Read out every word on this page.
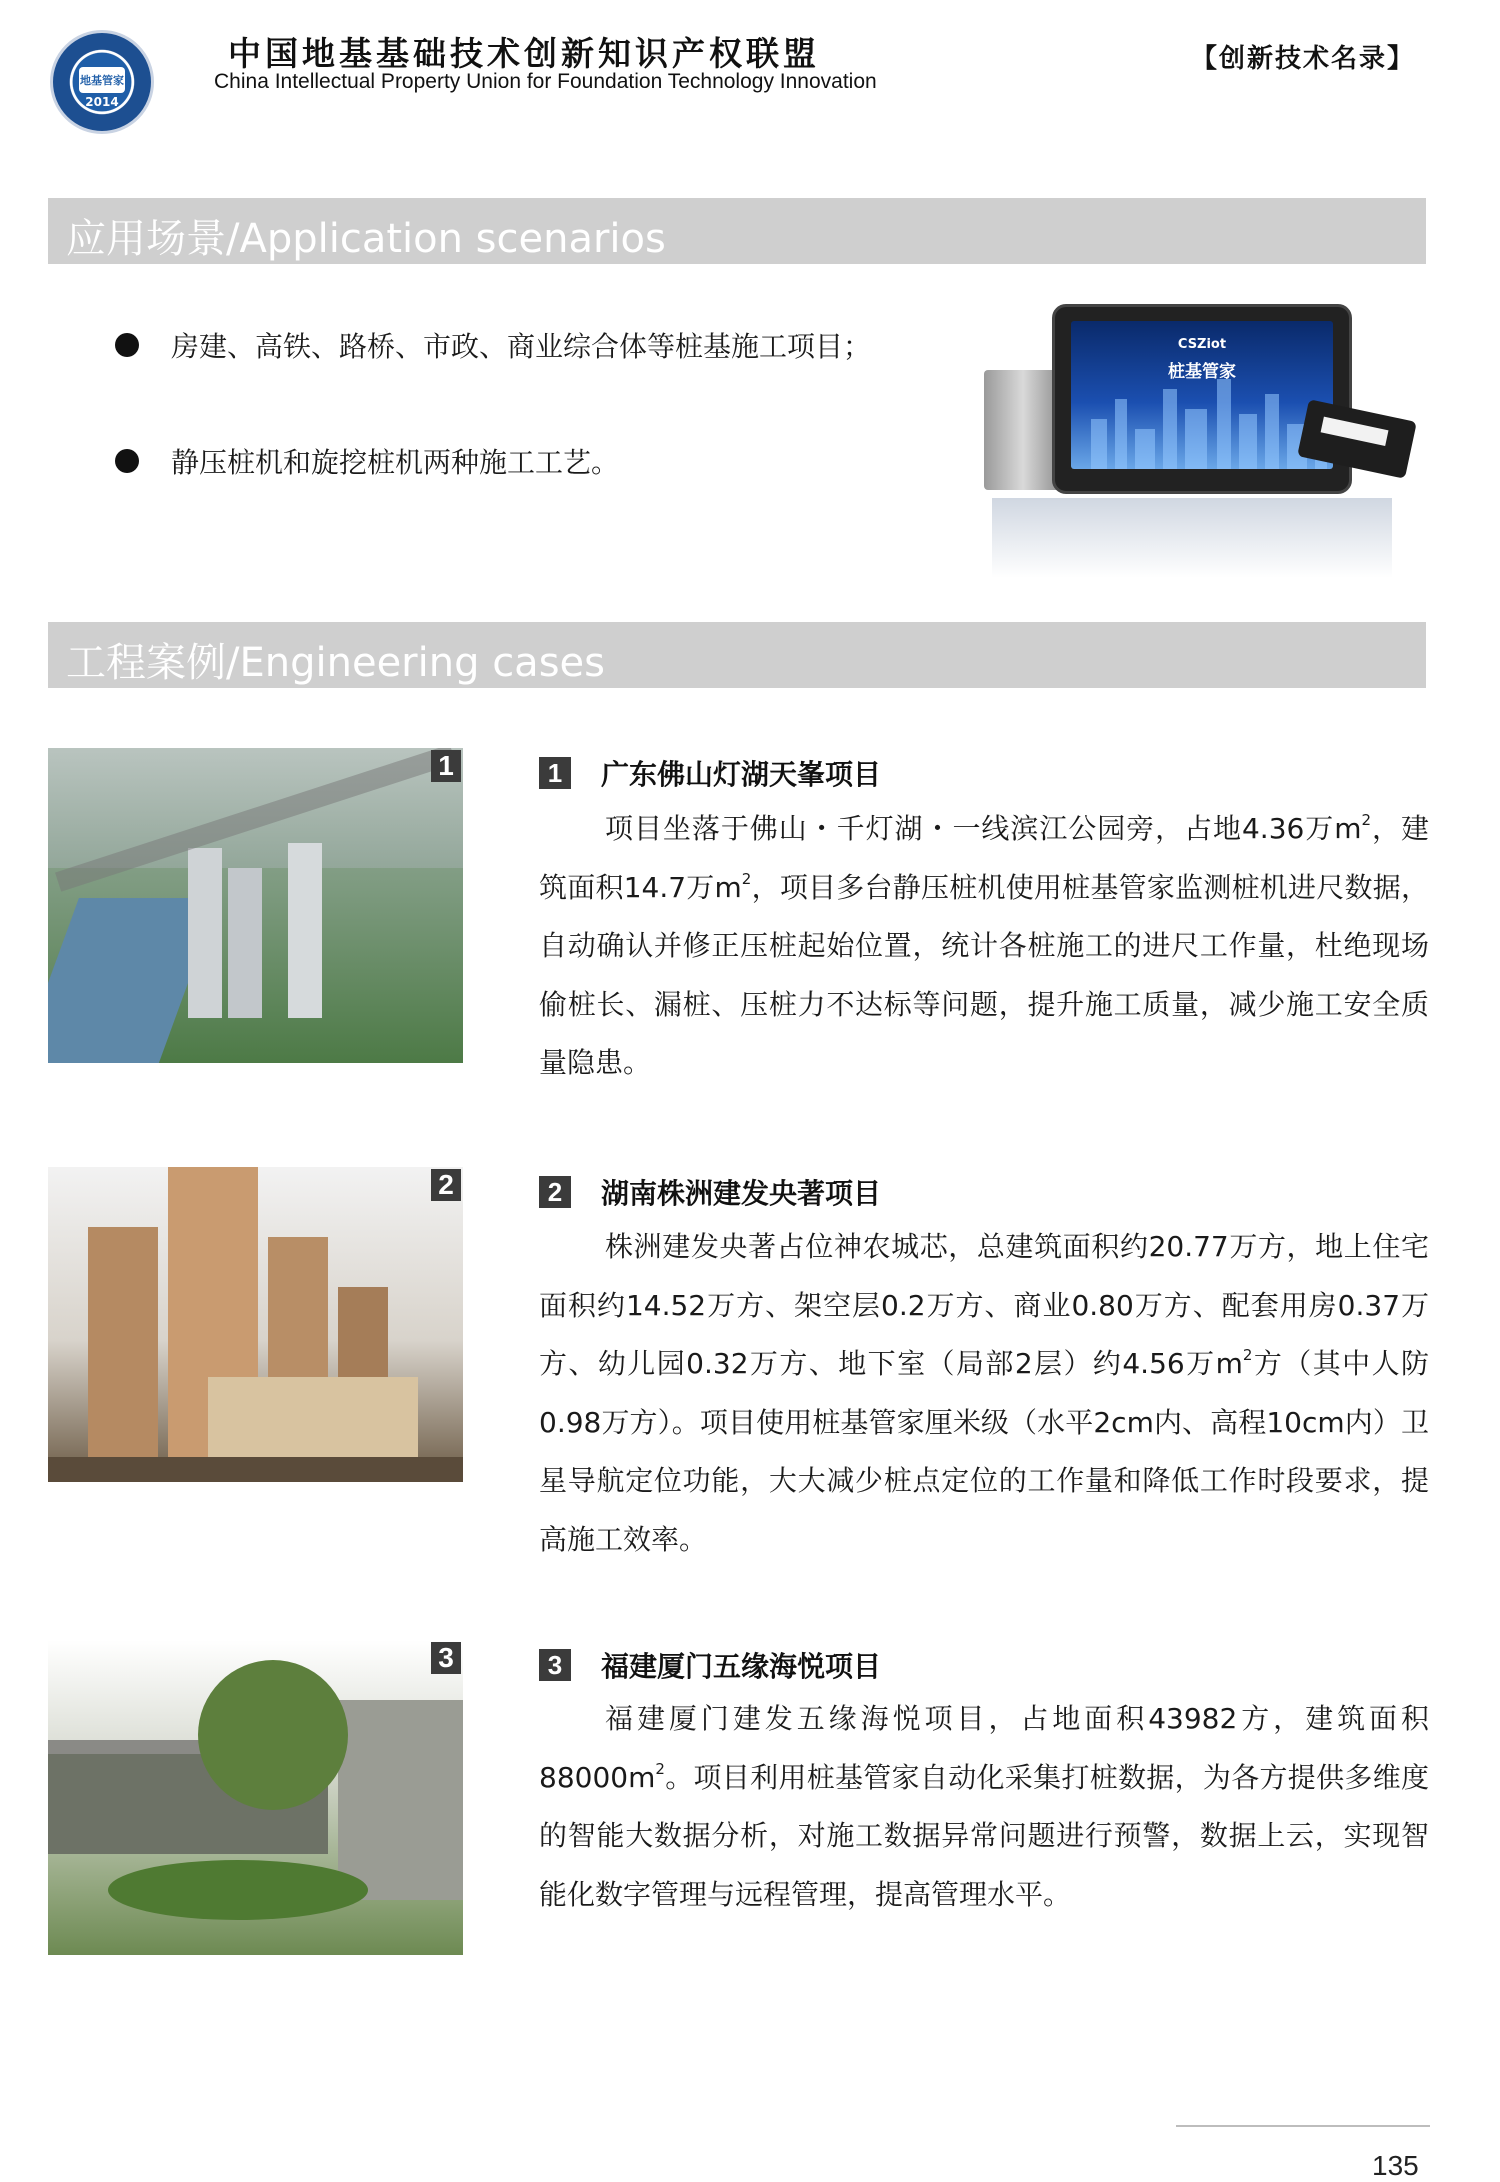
地基管家
2014
中国地基基础技术创新知识产权联盟
China Intellectual Property Union for Foundation Technology Innovation
【创新技术名录】
应用场景/Application scenarios
房建、高铁、路桥、市政、商业综合体等桩基施工项目；
静压桩机和旋挖桩机两种施工工艺。
CSZiot
桩基管家
工程案例/Engineering cases
1	1	广东佛山灯湖天峯项目
项目坐落于佛山・千灯湖・一线滨江公园旁，占地4.36万$m^2$，建筑面积14.7万$m^2$，项目多台静压桩机使用桩基管家监测桩机进尺数据，自动确认并修正压桩起始位置，统计各桩施工的进尺工作量，杜绝现场偷桩长、漏桩、压桩力不达标等问题，提升施工质量，减少施工安全质量隐患。
2	2	湖南株洲建发央著项目
株洲建发央著占位神农城芯，总建筑面积约20.77万方，地上住宅面积约14.52万方、架空层0.2万方、商业0.80万方、配套用房0.37万方、幼儿园0.32万方、地下室（局部2层）约4.56万$m^2$方（其中人防0.98万方）。项目使用桩基管家厘米级（水平2cm内、高程10cm内）卫星导航定位功能，大大减少桩点定位的工作量和降低工作时段要求，提高施工效率。
3	3	福建厦门五缘海悦项目
福建厦门建发五缘海悦项目，占地面积43982方，建筑面积$88000m^2$。项目利用桩基管家自动化采集打桩数据，为各方提供多维度的智能大数据分析，对施工数据异常问题进行预警，数据上云，实现智能化数字管理与远程管理，提高管理水平。
135
